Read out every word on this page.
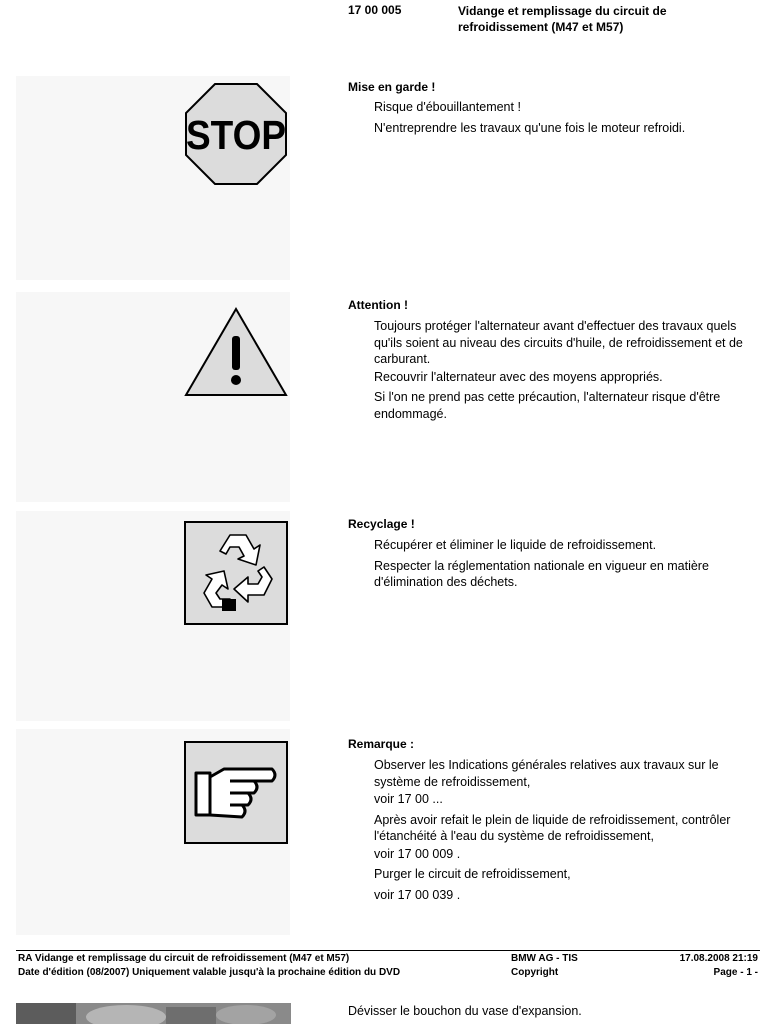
17 00 005	Vidange et remplissage du circuit de refroidissement (M47 et M57)
STOP
Mise en garde !
Risque d'ébouillantement !
N'entreprendre les travaux qu'une fois le moteur refroidi.
Attention !
Toujours protéger l'alternateur avant d'effectuer des travaux quels qu'ils soient au niveau des circuits d'huile, de refroidissement et de carburant.
Recouvrir l'alternateur avec des moyens appropriés.
Si l'on ne prend pas cette précaution, l'alternateur risque d'être endommagé.
Recyclage !
Récupérer et éliminer le liquide de refroidissement.
Respecter la réglementation nationale en vigueur en matière d'élimination des déchets.
Remarque :
Observer les Indications générales relatives aux travaux sur le système de refroidissement,
voir 17 00 ...
Après avoir refait le plein de liquide de refroidissement, contrôler l'étanchéité à l'eau du système de refroidissement,
voir 17 00 009 .
Purger le circuit de refroidissement,
voir 17 00 039 .
RA Vidange et remplissage du circuit de refroidissement (M47 et M57)
Date d'édition (08/2007) Uniquement valable jusqu'à la prochaine édition du DVD
BMW AG - TIS
Copyright
17.08.2008 21:19
Page - 1 -
Dévisser le bouchon du vase d'expansion.
